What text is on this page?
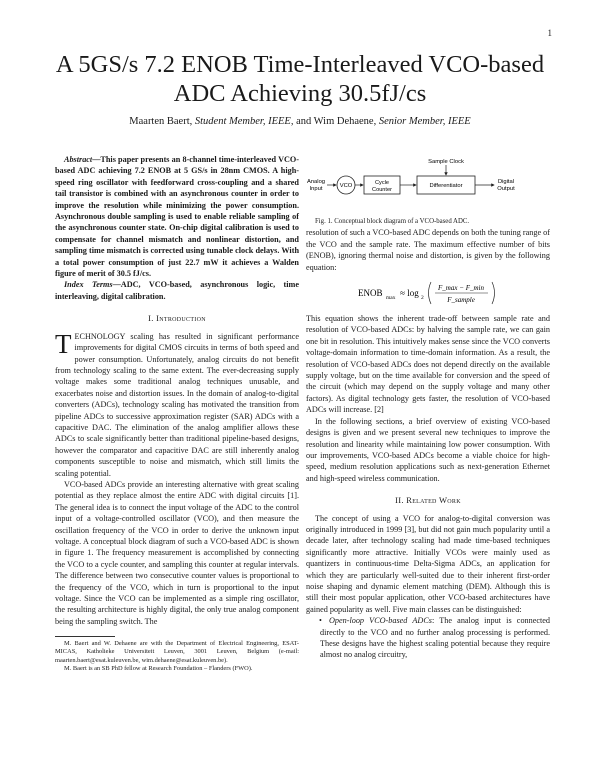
1
A 5GS/s 7.2 ENOB Time-Interleaved VCO-based ADC Achieving 30.5fJ/cs
Maarten Baert, Student Member, IEEE, and Wim Dehaene, Senior Member, IEEE

Abstract—This paper presents an 8-channel time-interleaved VCO-based ADC achieving 7.2 ENOB at 5 GS/s in 28nm CMOS. A high-speed ring oscillator with feedforward cross-coupling and a shared tail transistor is combined with an asynchronous counter in order to improve the resolution while minimizing the power consumption. Asynchronous double sampling is used to enable reliable sampling of the asynchronous counter state. On-chip digital calibration is used to compensate for channel mismatch and nonlinear distortion, and sampling time mismatch is corrected using tunable clock delays. With a total power consumption of just 22.7 mW it achieves a Walden figure of merit of 30.5 fJ/cs.

Index Terms—ADC, VCO-based, asynchronous logic, time interleaving, digital calibration.

I. Introduction

TECHNOLOGY scaling has resulted in significant performance improvements for digital CMOS circuits in terms of both speed and power consumption. Unfortunately, analog circuits do not benefit from technology scaling to the same extent. The ever-decreasing supply voltage makes some traditional analog techniques unusable, and exacerbates noise and distortion issues. In the domain of analog-to-digital converters (ADCs), technology scaling has motivated the transition from pipeline ADCs to successive approximation register (SAR) ADCs with a capacitive DAC. The elimination of the analog amplifier allows these ADCs to scale significantly better than traditional pipeline-based designs, however the comparator and capacitive DAC are still inherently analog components susceptible to noise and mismatch, which still limits the scaling potential.

VCO-based ADCs provide an interesting alternative with great scaling potential as they replace almost the entire ADC with digital circuits [1]. The general idea is to connect the input voltage of the ADC to the control input of a voltage-controlled oscillator (VCO), and then measure the oscillation frequency of the VCO in order to derive the unknown input voltage. A conceptual block diagram of such a VCO-based ADC is shown in figure 1. The frequency measurement is accomplished by connecting the VCO to a cycle counter, and sampling this counter at regular intervals. The difference between two consecutive counter values is proportional to the frequency of the VCO, which in turn is proportional to the input voltage. Since the VCO can be implemented as a simple ring oscillator, the resulting architecture is highly digital, the only true analog component being the sampling switch. The

M. Baert and W. Dehaene are with the Department of Electrical Engineering, ESAT-MICAS, Katholieke Universiteit Leuven, 3001 Leuven, Belgium (e-mail: maarten.baert@esat.kuleuven.be, wim.dehaene@esat.kuleuven.be).

M. Baert is an SB PhD fellow at Research Foundation – Flanders (FWO).

Sample Clock
Analog
Input	VCO	Cycle
Counter
Differentiator
Digital
Output

Fig. 1. Conceptual block diagram of a VCO-based ADC.

resolution of such a VCO-based ADC depends on both the tuning range of the VCO and the sample rate. The maximum effective number of bits (ENOB), ignoring thermal noise and distortion, is given by the following equation:

ENOB max ≈ log 2
F_max − F_min
F_sample

This equation shows the inherent trade-off between sample rate and resolution of VCO-based ADCs: by halving the sample rate, we can gain one bit in resolution. This intuitively makes sense since the VCO converts voltage-domain information to time-domain information. As a result, the resolution of VCO-based ADCs does not depend directly on the available supply voltage, but on the time available for conversion and the speed of the circuit (which may depend on the supply voltage and many other factors). As digital technology gets faster, the resolution of VCO-based ADCs will increase. [2]

In the following sections, a brief overview of existing VCO-based designs is given and we present several new techniques to improve the resolution and linearity while maintaining low power consumption. With our improvements, VCO-based ADCs become a viable choice for high-speed, medium resolution applications such as next-generation Ethernet and high-speed wireless communication.

II. Related Work

The concept of using a VCO for analog-to-digital conversion was originally introduced in 1999 [3], but did not gain much popularity until a decade later, after technology scaling had made time-based techniques significantly more attractive. Initially VCOs were mainly used as quantizers in continuous-time Delta-Sigma ADCs, an application for which they are particularly well-suited due to their inherent first-order noise shaping and dynamic element matching (DEM). Although this is still their most popular application, other VCO-based architectures have gained popularity as well. Five main classes can be distinguished:

• Open-loop VCO-based ADCs: The analog input is connected directly to the VCO and no further analog processing is performed. These designs have the highest scaling potential because they require almost no analog circuitry,
